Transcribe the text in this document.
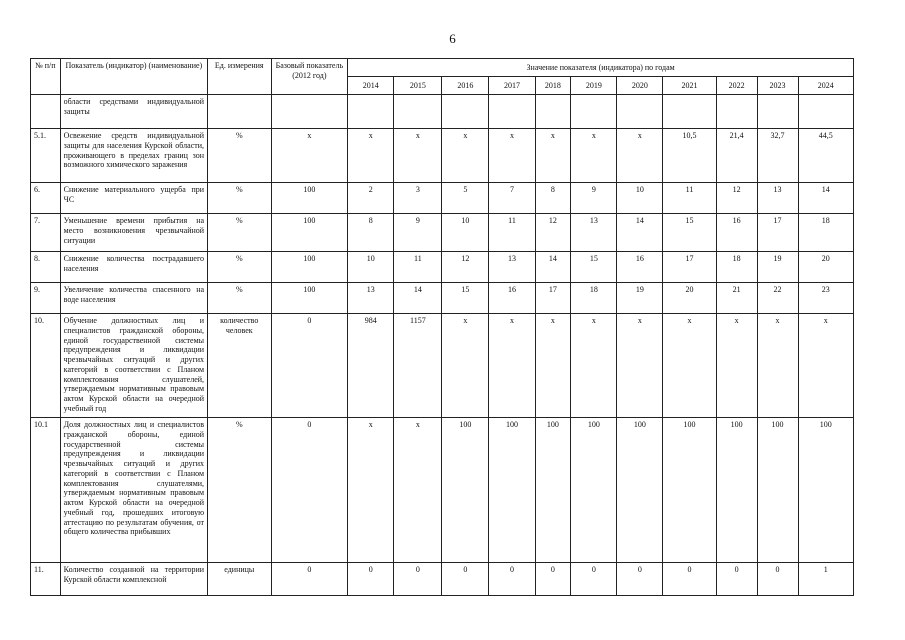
6
№ п/п	Показатель (индикатор) (наименование)	Ед. измерения	Базовый показатель (2012 год)	Значение показателя (индикатора) по годам										
				2014	2015	2016	2017	2018	2019	2020	2021	2022	2023	2024
	области средствами индивидуальной защиты													
5.1.	Освежение средств индивидуальной защиты для населения Курской области, проживающего в пределах границ зон возможного химического заражения	%	x	x	x	x	x	x	x	x	10,5	21,4	32,7	44,5
6.	Снижение материального ущерба при ЧС	%	100	2	3	5	7	8	9	10	11	12	13	14
7.	Уменьшение времени прибытия на место возникновения чрезвычайной ситуации	%	100	8	9	10	11	12	13	14	15	16	17	18
8.	Снижение количества пострадавшего населения	%	100	10	11	12	13	14	15	16	17	18	19	20
9.	Увеличение количества спасенного на воде населения	%	100	13	14	15	16	17	18	19	20	21	22	23
10.	Обучение должностных лиц и специалистов гражданской обороны, единой государственной системы предупреждения и ликвидации чрезвычайных ситуаций и других категорий в соответствии с Планом комплектования слушателей, утверждаемым нормативным правовым актом Курской области на очередной учебный год	количество человек	0	984	1157	x	x	x	x	x	x	x	x	x
10.1	Доля должностных лиц и специалистов гражданской обороны, единой государственной системы предупреждения и ликвидации чрезвычайных ситуаций и других категорий в соответствии с Планом комплектования слушателями, утверждаемым нормативным правовым актом Курской области на очередной учебный год, прошедших итоговую аттестацию по результатам обучения, от общего количества прибывших	%	0	x	x	100	100	100	100	100	100	100	100	100
11.	Количество созданной на территории Курской области комплексной	единицы	0	0	0	0	0	0	0	0	0	0	0	1
